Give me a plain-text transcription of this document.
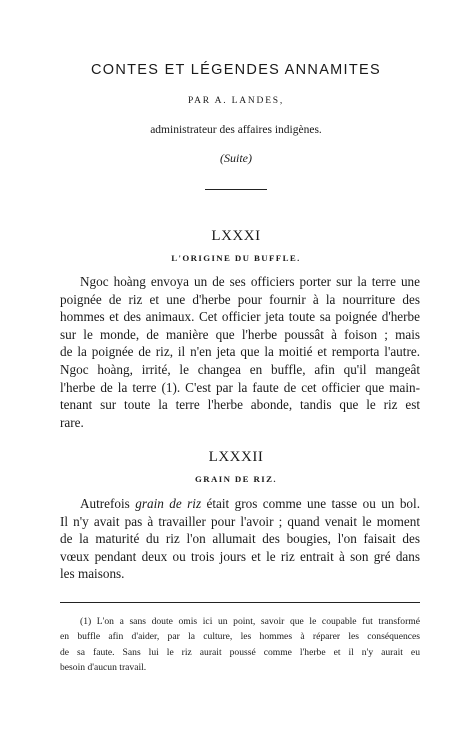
CONTES ET LÉGENDES ANNAMITES
PAR A. LANDES,
administrateur des affaires indigènes.
(Suite)
LXXXI
L'ORIGINE DU BUFFLE.
Ngoc hoàng envoya un de ses officiers porter sur la terre une
poignée de riz et une d'herbe pour fournir à la nourriture des
hommes et des animaux. Cet officier jeta toute sa poignée d'herbe
sur le monde, de manière que l'herbe poussât à foison ; mais
de la poignée de riz, il n'en jeta que la moitié et remporta l'autre.
Ngoc hoàng, irrité, le changea en buffle, afin qu'il mangeât
l'herbe de la terre (1). C'est par la faute de cet officier que main-
tenant sur toute la terre l'herbe abonde, tandis que le riz est
rare.
LXXXII
GRAIN DE RIZ.
Autrefois grain de riz était gros comme une tasse ou un bol.
Il n'y avait pas à travailler pour l'avoir ; quand venait le moment
de la maturité du riz l'on allumait des bougies, l'on faisait des
vœux pendant deux ou trois jours et le riz entrait à son gré dans
les maisons.
(1) L'on a sans doute omis ici un point, savoir que le coupable fut transformé
en buffle afin d'aider, par la culture, les hommes à réparer les conséquences
de sa faute. Sans lui le riz aurait poussé comme l'herbe et il n'y aurait eu
besoin d'aucun travail.
